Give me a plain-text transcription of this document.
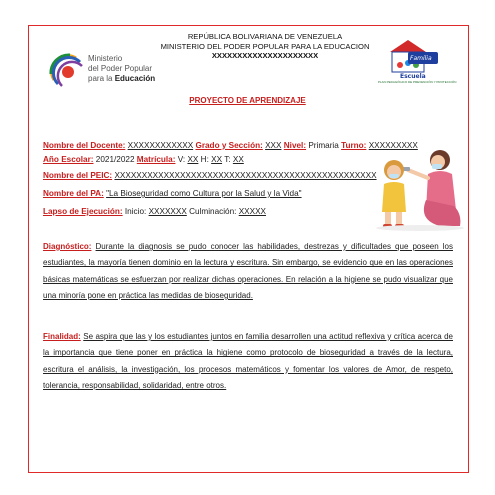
Ministerio
del Poder Popular
para la Educación
REPÚBLICA BOLIVARIANA DE VENEZUELA
MINISTERIO DEL PODER POPULAR PARA LA EDUCACION
XXXXXXXXXXXXXXXXXXXXX	Familia
Escuela
PLAN PEDAGÓGICO DE PREVENCIÓN Y PROTECCIÓN
PROYECTO DE APRENDIZAJE
Nombre del Docente: XXXXXXXXXXXX Grado y Sección: XXX Nivel: Primaria Turno: XXXXXXXXX
Año Escolar: 2021/2022 Matrícula: V: XX H: XX T: XX
Nombre del PEIC: XXXXXXXXXXXXXXXXXXXXXXXXXXXXXXXXXXXXXXXXXXXXXXXX
Nombre del PA: "La Bioseguridad como Cultura por la Salud y la Vida"
Lapso de Ejecución: Inicio: XXXXXXX Culminación: XXXXX
Diagnóstico: Durante la diagnosis se pudo conocer las habilidades, destrezas y dificultades que poseen los estudiantes, la mayoría tienen dominio en la lectura y escritura. Sin embargo, se evidencio que en las operaciones básicas matemáticas se esfuerzan por realizar dichas operaciones. En relación a la higiene se pudo visualizar que una minoría pone en práctica las medidas de bioseguridad.
Finalidad: Se aspira que las y los estudiantes juntos en familia desarrollen una actitud reflexiva y crítica acerca de la importancia que tiene poner en práctica la higiene como protocolo de bioseguridad a través de la lectura, escritura el análisis, la investigación, los procesos matemáticos y fomentar los valores de Amor, de respeto, tolerancia, responsabilidad, solidaridad, entre otros.
